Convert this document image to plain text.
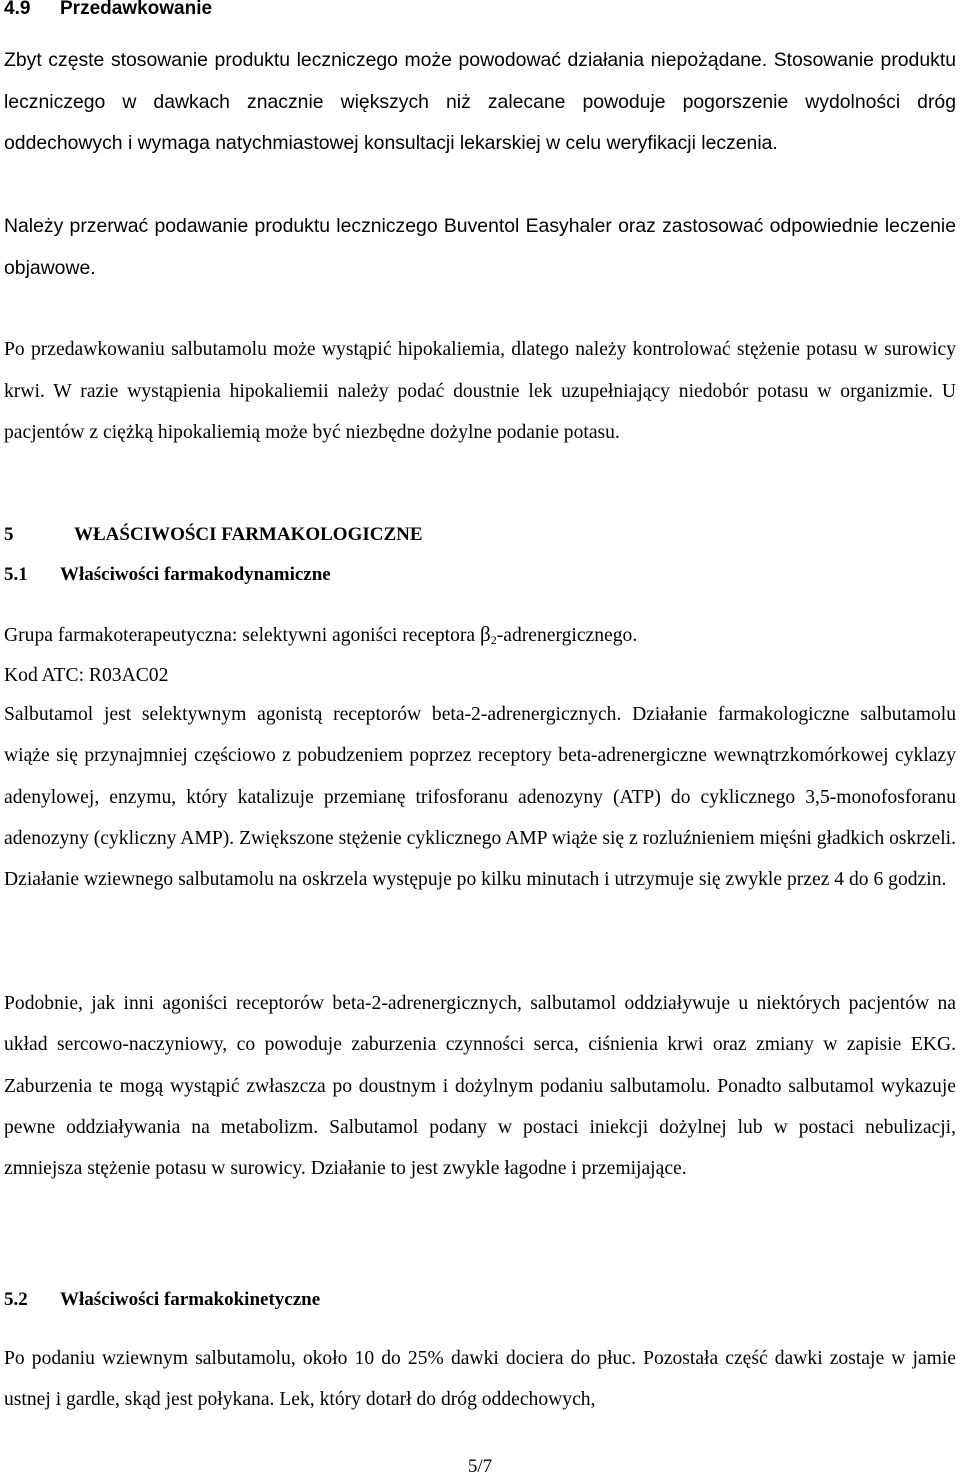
4.9 Przedawkowanie

Zbyt częste stosowanie produktu leczniczego może powodować działania niepożądane. Stosowanie produktu leczniczego w dawkach znacznie większych niż zalecane powoduje pogorszenie wydolności dróg oddechowych i wymaga natychmiastowej konsultacji lekarskiej w celu weryfikacji leczenia.

Należy przerwać podawanie produktu leczniczego Buventol Easyhaler oraz zastosować odpowiednie leczenie objawowe.

Po przedawkowaniu salbutamolu może wystąpić hipokaliemia, dlatego należy kontrolować stężenie potasu w surowicy krwi. W razie wystąpienia hipokaliemii należy podać doustnie lek uzupełniający niedobór potasu w organizmie. U pacjentów z ciężką hipokaliemią może być niezbędne dożylne podanie potasu.

5	WŁAŚCIWOŚCI FARMAKOLOGICZNE
5.1 Właściwości farmakodynamiczne

Grupa farmakoterapeutyczna: selektywni agoniści receptora $\beta_2$-adrenergicznego.

Kod ATC: R03AC02

Salbutamol jest selektywnym agonistą receptorów beta-2-adrenergicznych. Działanie farmakologiczne salbutamolu wiąże się przynajmniej częściowo z pobudzeniem poprzez receptory beta-adrenergiczne wewnątrzkomórkowej cyklazy adenylowej, enzymu, który katalizuje przemianę trifosforanu adenozyny (ATP) do cyklicznego 3,5-monofosforanu adenozyny (cykliczny AMP). Zwiększone stężenie cyklicznego AMP wiąże się z rozluźnieniem mięśni gładkich oskrzeli. Działanie wziewnego salbutamolu na oskrzela występuje po kilku minutach i utrzymuje się zwykle przez 4 do 6 godzin.

Podobnie, jak inni agoniści receptorów beta-2-adrenergicznych, salbutamol oddziaływuje u niektórych pacjentów na układ sercowo-naczyniowy, co powoduje zaburzenia czynności serca, ciśnienia krwi oraz zmiany w zapisie EKG. Zaburzenia te mogą wystąpić zwłaszcza po doustnym i dożylnym podaniu salbutamolu. Ponadto salbutamol wykazuje pewne oddziaływania na metabolizm. Salbutamol podany w postaci iniekcji dożylnej lub w postaci nebulizacji, zmniejsza stężenie potasu w surowicy. Działanie to jest zwykle łagodne i przemijające.

5.2 Właściwości farmakokinetyczne

Po podaniu wziewnym salbutamolu, około 10 do 25% dawki dociera do płuc. Pozostała część dawki zostaje w jamie ustnej i gardle, skąd jest połykana. Lek, który dotarł do dróg oddechowych,

5/7
